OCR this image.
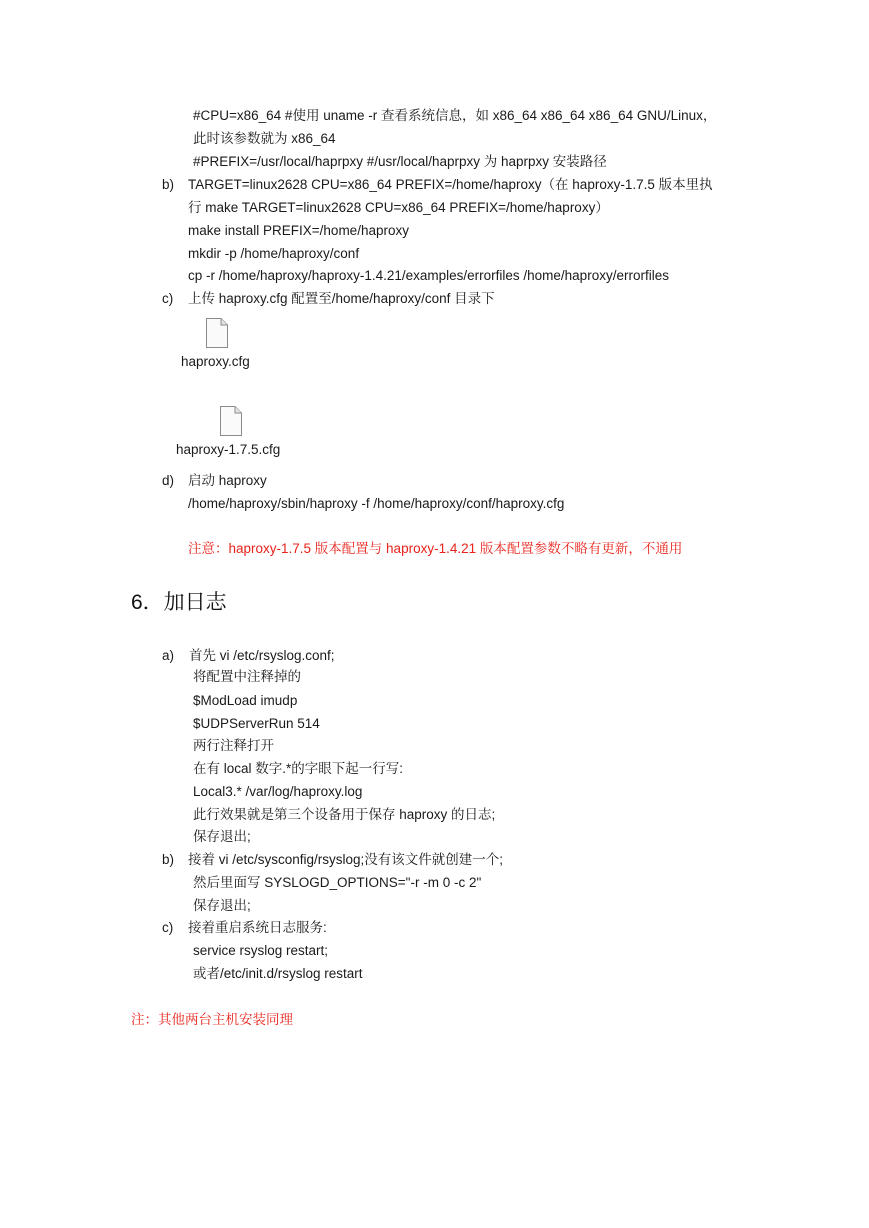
#CPU=x86_64 #使用 uname -r 查看系统信息，如 x86_64 x86_64 x86_64 GNU/Linux，
此时该参数就为 x86_64
#PREFIX=/usr/local/haprpxy #/usr/local/haprpxy 为 haprpxy 安装路径
b) TARGET=linux2628 CPU=x86_64 PREFIX=/home/haproxy（在 haproxy-1.7.5 版本里执
行 make TARGET=linux2628 CPU=x86_64 PREFIX=/home/haproxy）
make install PREFIX=/home/haproxy
mkdir -p /home/haproxy/conf
cp -r /home/haproxy/haproxy-1.4.21/examples/errorfiles /home/haproxy/errorfiles
c) 上传 haproxy.cfg 配置至/home/haproxy/conf 目录下
haproxy.cfg
haproxy-1.7.5.cfg
d) 启动 haproxy
/home/haproxy/sbin/haproxy -f /home/haproxy/conf/haproxy.cfg
注意：haproxy-1.7.5 版本配置与 haproxy-1.4.21 版本配置参数不略有更新，不通用
6．加日志
a) 首先 vi /etc/rsyslog.conf;
将配置中注释掉的
$ModLoad imudp
$UDPServerRun 514
两行注释打开
在有 local 数字.*的字眼下起一行写:
Local3.* /var/log/haproxy.log
此行效果就是第三个设备用于保存 haproxy 的日志;
保存退出;
b) 接着 vi /etc/sysconfig/rsyslog;没有该文件就创建一个;
然后里面写 SYSLOGD_OPTIONS="-r -m 0 -c 2"
保存退出;
c) 接着重启系统日志服务:
service rsyslog restart;
或者/etc/init.d/rsyslog restart
注：其他两台主机安装同理
